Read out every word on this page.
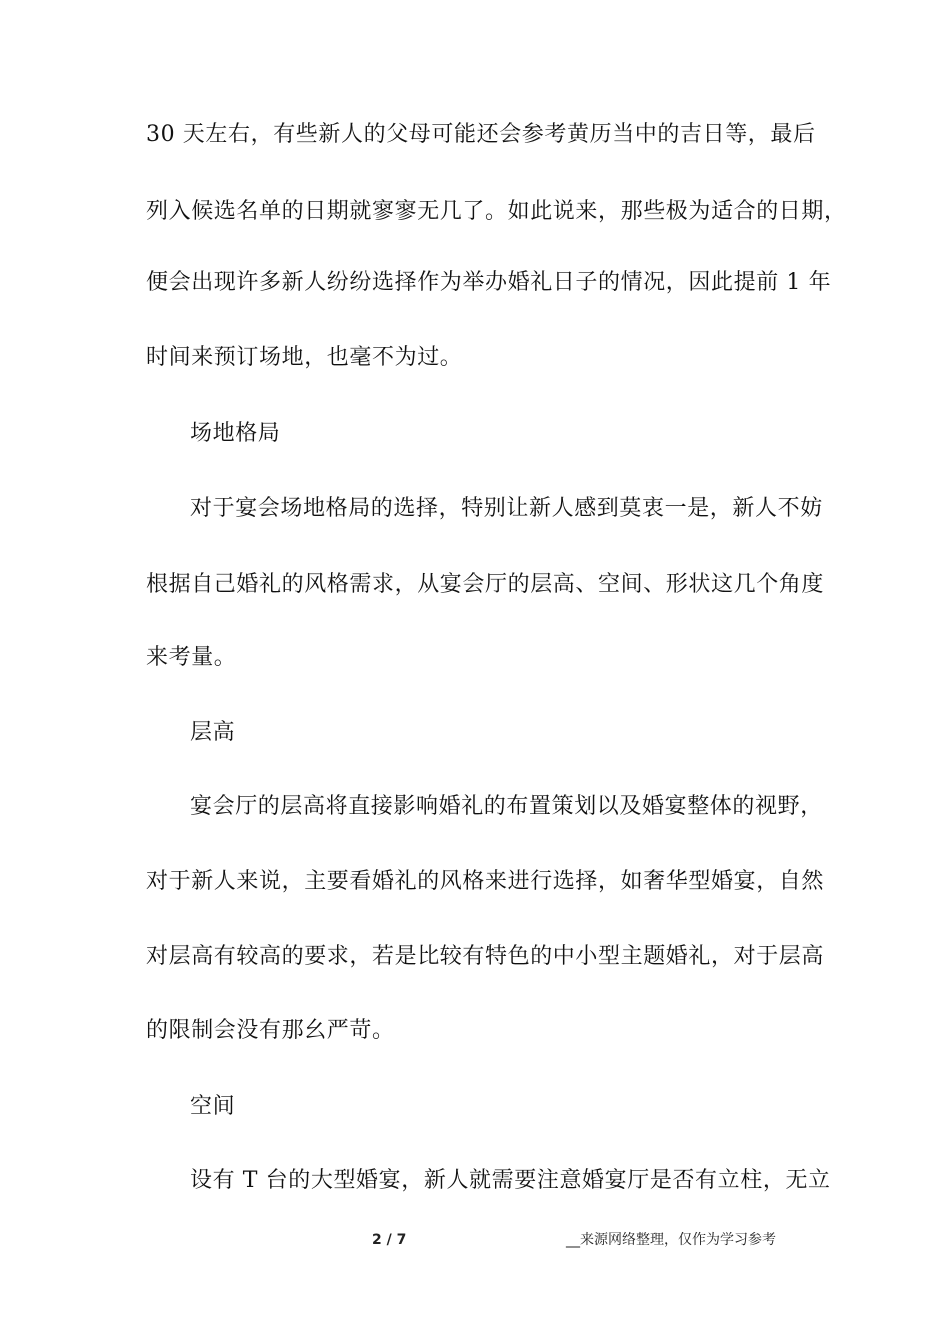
30 天左右，有些新人的父母可能还会参考黄历当中的吉日等，最后
列入候选名单的日期就寥寥无几了。如此说来，那些极为适合的日期，
便会出现许多新人纷纷选择作为举办婚礼日子的情况，因此提前 1 年
时间来预订场地，也毫不为过。
场地格局
对于宴会场地格局的选择，特别让新人感到莫衷一是，新人不妨
根据自己婚礼的风格需求，从宴会厅的层高、空间、形状这几个角度
来考量。
层高
宴会厅的层高将直接影响婚礼的布置策划以及婚宴整体的视野，
对于新人来说，主要看婚礼的风格来进行选择，如奢华型婚宴，自然
对层高有较高的要求，若是比较有特色的中小型主题婚礼，对于层高
的限制会没有那幺严苛。
空间
设有 T 台的大型婚宴，新人就需要注意婚宴厅是否有立柱，无立
2 / 7	__来源网络整理，仅作为学习参考
